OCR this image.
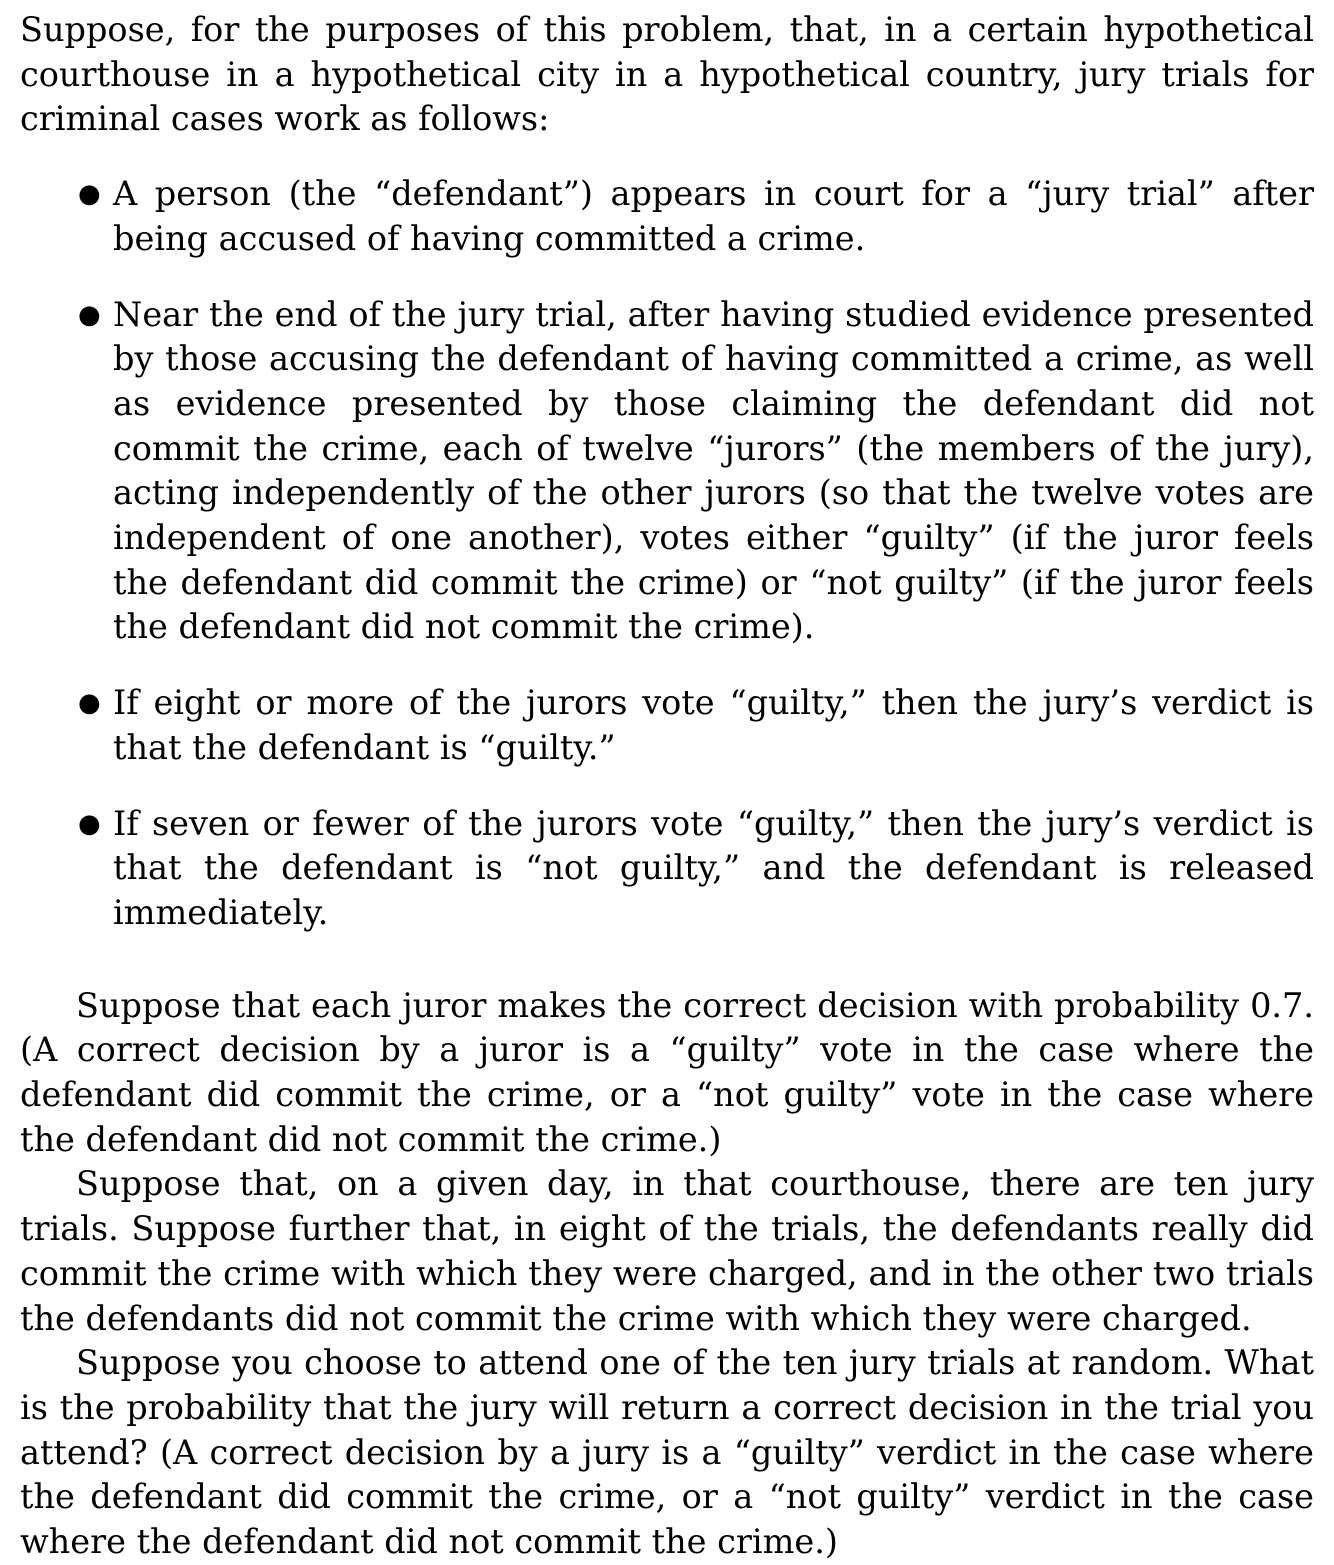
Suppose, for the purposes of this problem, that, in a certain hypothetical courthouse in a hypothetical city in a hypothetical country, jury trials for criminal cases work as follows:

● A person (the “defendant”) appears in court for a “jury trial” after being accused of having committed a crime.
● Near the end of the jury trial, after having studied evidence presented by those accusing the defendant of having committed a crime, as well as evidence presented by those claiming the defendant did not commit the crime, each of twelve “jurors” (the members of the jury), acting independently of the other jurors (so that the twelve votes are independent of one another), votes either “guilty” (if the juror feels the defendant did commit the crime) or “not guilty” (if the juror feels the defendant did not commit the crime).
● If eight or more of the jurors vote “guilty,” then the jury’s verdict is that the defendant is “guilty.”
● If seven or fewer of the jurors vote “guilty,” then the jury’s verdict is that the defendant is “not guilty,” and the defendant is released immediately.

Suppose that each juror makes the correct decision with probability 0.7. (A correct decision by a juror is a “guilty” vote in the case where the defendant did commit the crime, or a “not guilty” vote in the case where the defendant did not commit the crime.)

Suppose that, on a given day, in that courthouse, there are ten jury trials. Suppose further that, in eight of the trials, the defendants really did commit the crime with which they were charged, and in the other two trials the defendants did not commit the crime with which they were charged.

Suppose you choose to attend one of the ten jury trials at random. What is the probability that the jury will return a correct decision in the trial you attend? (A correct decision by a jury is a “guilty” verdict in the case where the defendant did commit the crime, or a “not guilty” verdict in the case where the defendant did not commit the crime.)
